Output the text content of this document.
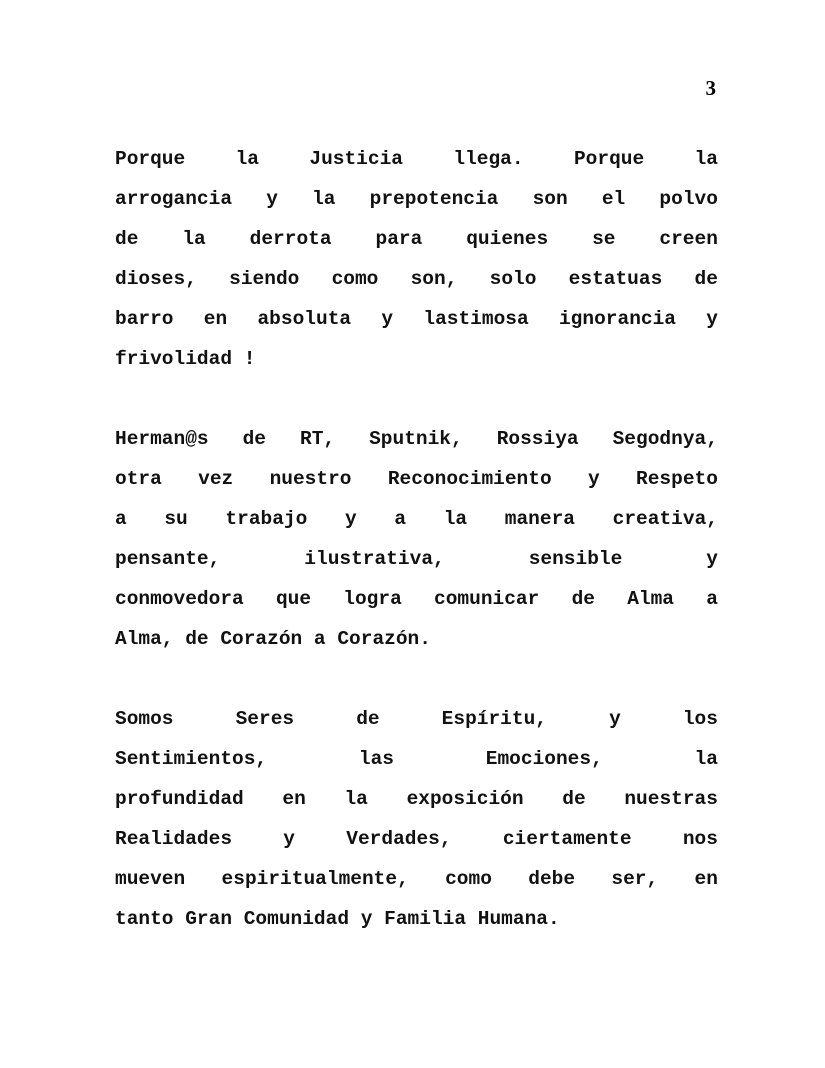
3
Porque	la	Justicia	llega.	Porque	la
arrogancia y la prepotencia son el polvo
de la derrota para quienes se creen
dioses, siendo como son, solo estatuas de
barro en absoluta y lastimosa ignorancia y
frivolidad !
Herman@s de RT, Sputnik, Rossiya Segodnya,
otra vez nuestro Reconocimiento y Respeto
a su trabajo y a la manera creativa,
pensante,	ilustrativa,	sensible	y
conmovedora que logra comunicar de Alma a
Alma, de Corazón a Corazón.
Somos	Seres	de	Espíritu,	y	los
Sentimientos,	las	Emociones,	la
profundidad en la exposición de nuestras
Realidades	y	Verdades,	ciertamente	nos
mueven espiritualmente, como debe ser, en
tanto Gran Comunidad y Familia Humana.
